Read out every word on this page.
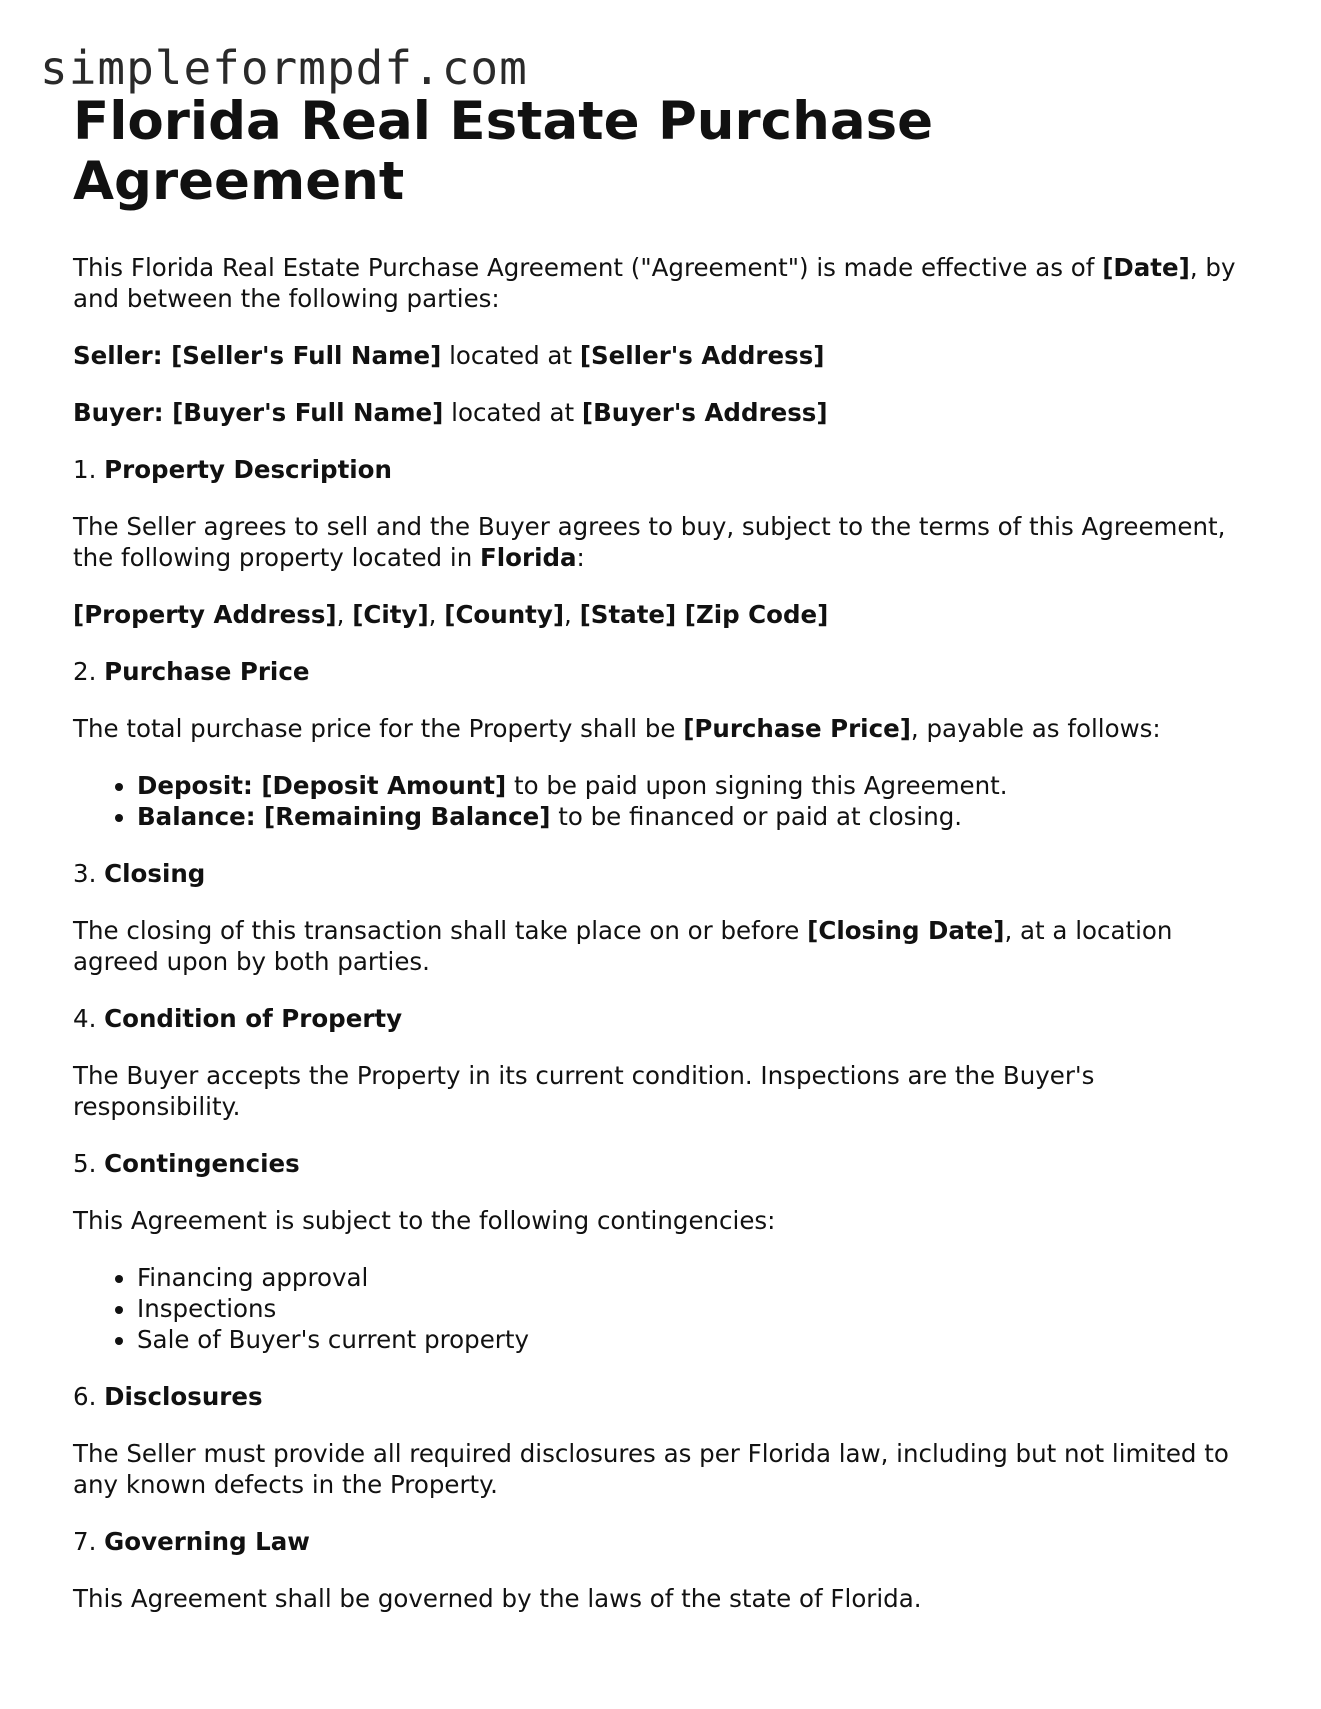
simpleformpdf.com
Florida Real Estate Purchase Agreement

This Florida Real Estate Purchase Agreement ("Agreement") is made effective as of [Date], by and between the following parties:

Seller: [Seller's Full Name] located at [Seller's Address]

Buyer: [Buyer's Full Name] located at [Buyer's Address]

1. Property Description

The Seller agrees to sell and the Buyer agrees to buy, subject to the terms of this Agreement, the following property located in Florida:

[Property Address], [City], [County], [State] [Zip Code]

2. Purchase Price

The total purchase price for the Property shall be [Purchase Price], payable as follows:

• Deposit: [Deposit Amount] to be paid upon signing this Agreement.
• Balance: [Remaining Balance] to be financed or paid at closing.

3. Closing

The closing of this transaction shall take place on or before [Closing Date], at a location agreed upon by both parties.

4. Condition of Property

The Buyer accepts the Property in its current condition. Inspections are the Buyer's responsibility.

5. Contingencies

This Agreement is subject to the following contingencies:

• Financing approval
• Inspections
• Sale of Buyer's current property

6. Disclosures

The Seller must provide all required disclosures as per Florida law, including but not limited to any known defects in the Property.

7. Governing Law

This Agreement shall be governed by the laws of the state of Florida.
